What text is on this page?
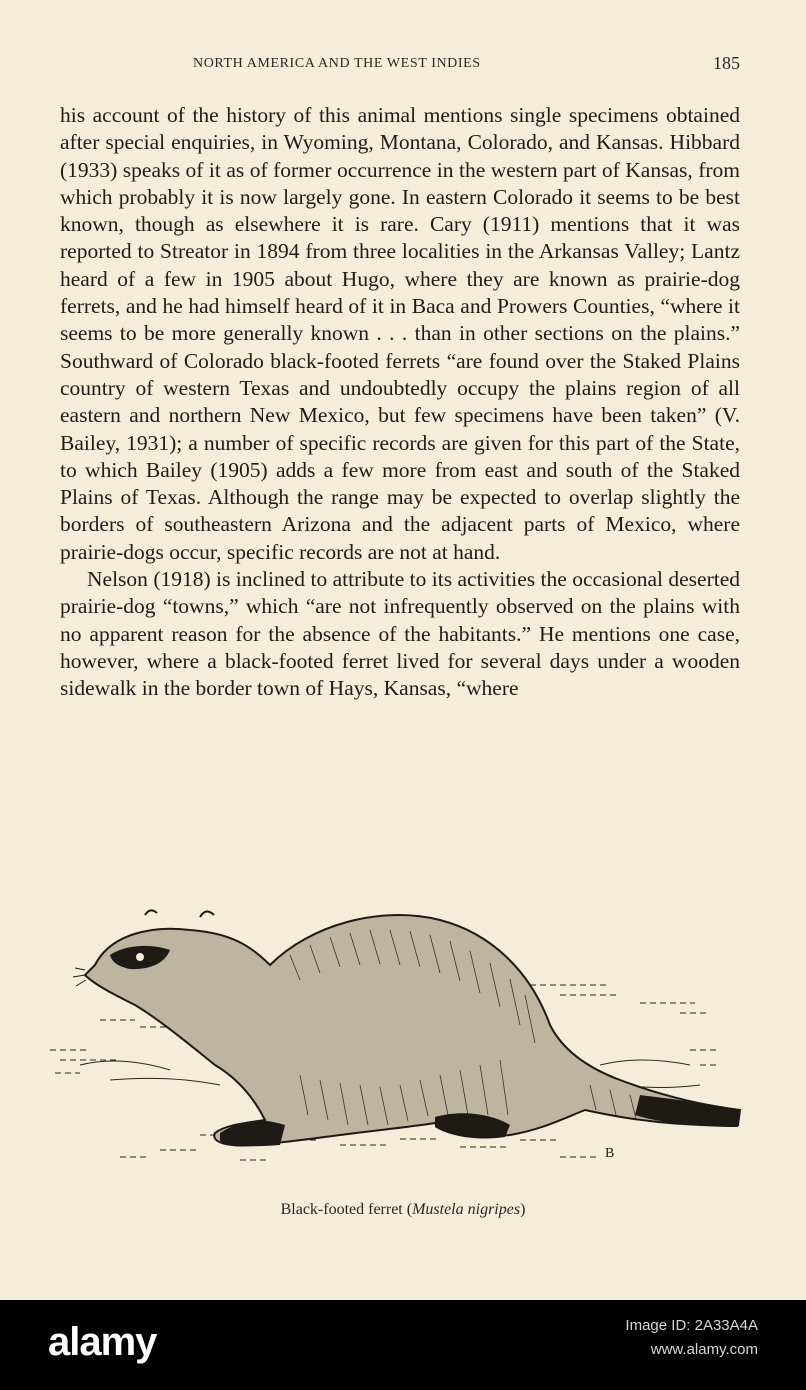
NORTH AMERICA AND THE WEST INDIES	185

his account of the history of this animal mentions single specimens obtained after special enquiries, in Wyoming, Montana, Colorado, and Kansas. Hibbard (1933) speaks of it as of former occurrence in the western part of Kansas, from which probably it is now largely gone. In eastern Colorado it seems to be best known, though as elsewhere it is rare. Cary (1911) mentions that it was reported to Streator in 1894 from three localities in the Arkansas Valley; Lantz heard of a few in 1905 about Hugo, where they are known as prairie-dog ferrets, and he had himself heard of it in Baca and Prowers Counties, “where it seems to be more generally known . . . than in other sections on the plains.” Southward of Colorado black-footed ferrets “are found over the Staked Plains country of western Texas and undoubtedly occupy the plains region of all eastern and northern New Mexico, but few specimens have been taken” (V. Bailey, 1931); a number of specific records are given for this part of the State, to which Bailey (1905) adds a few more from east and south of the Staked Plains of Texas. Although the range may be expected to overlap slightly the borders of southeastern Arizona and the adjacent parts of Mexico, where prairie-dogs occur, specific records are not at hand.

Nelson (1918) is inclined to attribute to its activities the occasional deserted prairie-dog “towns,” which “are not infrequently observed on the plains with no apparent reason for the absence of the habitants.” He mentions one case, however, where a black-footed ferret lived for several days under a wooden sidewalk in the border town of Hays, Kansas, “where

B
Black-footed ferret (Mustela nigripes)
alamy	Image ID: 2A33A4A
www.alamy.com
